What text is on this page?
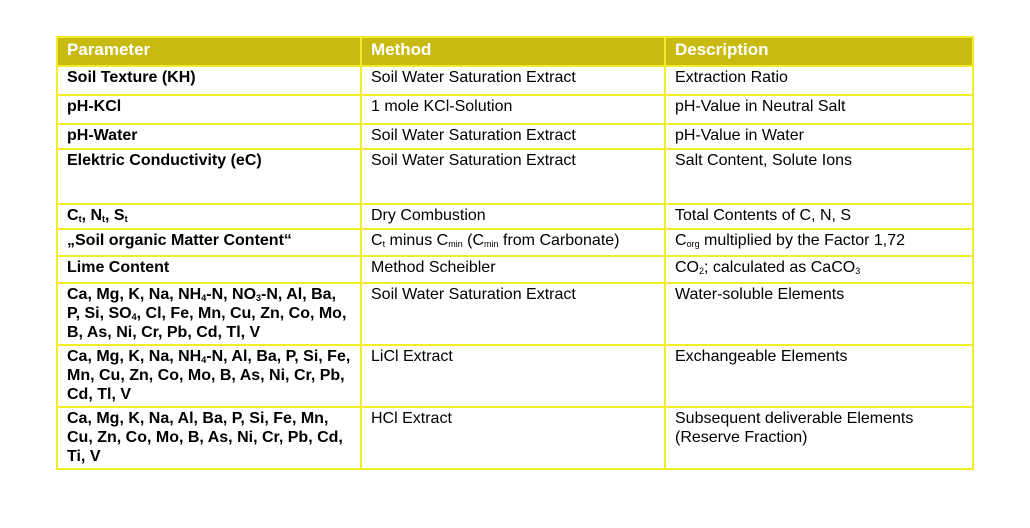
Parameter	Method	Description
Soil Texture (KH)	Soil Water Saturation Extract	Extraction Ratio
pH-KCl	1 mole KCl-Solution	pH-Value in Neutral Salt
pH-Water	Soil Water Saturation Extract	pH-Value in Water
Elektric Conductivity (eC)	Soil Water Saturation Extract	Salt Content, Solute Ions
$C_t$, $N_t$, $S_t$	Dry Combustion	Total Contents of C, N, S
„Soil organic Matter Content“	$C_t$ minus $C_{min}$ ($C_{min}$ from Carbonate)	$C_{org}$ multiplied by the Factor 1,72
Lime Content	Method Scheibler	$CO_2$; calculated as CaCO$_3$
Ca, Mg, K, Na, $NH_4-N$, $NO_3-N$, Al, Ba, P, Si, $SO_4$, Cl, Fe, Mn, Cu, Zn, Co, Mo, B, As, Ni, Cr, Pb, Cd, Tl, V	Soil Water Saturation Extract	Water-soluble Elements
Ca, Mg, K, Na, $NH_4-N$, Al, Ba, P, Si, Fe, Mn, Cu, Zn, Co, Mo, B, As, Ni, Cr, Pb, Cd, Tl, V	LiCl Extract	Exchangeable Elements
Ca, Mg, K, Na, Al, Ba, P, Si, Fe, Mn, Cu, Zn, Co, Mo, B, As, Ni, Cr, Pb, Cd, Ti, V	HCl Extract	Subsequent deliverable Elements
(Reserve Fraction)
